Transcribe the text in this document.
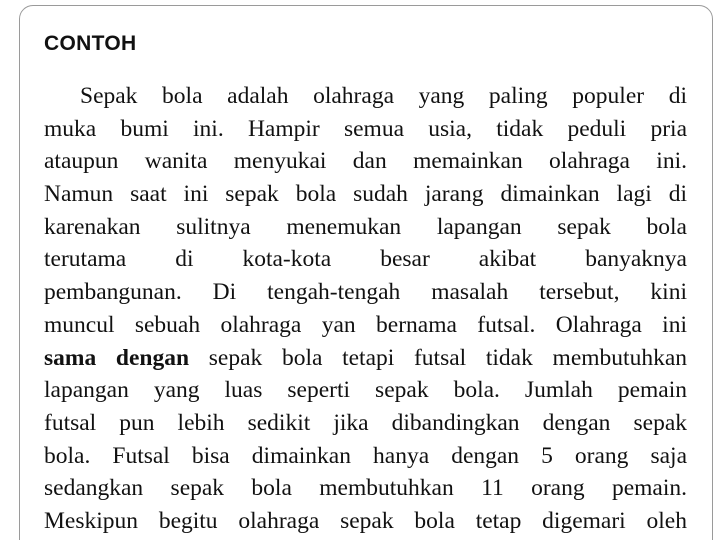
CONTOH
Sepak bola adalah olahraga yang paling populer di
muka bumi ini. Hampir semua usia, tidak peduli pria
ataupun wanita menyukai dan memainkan olahraga ini.
Namun saat ini sepak bola sudah jarang dimainkan lagi di
karenakan sulitnya menemukan lapangan sepak bola
terutama di kota-kota besar akibat banyaknya
pembangunan. Di tengah-tengah masalah tersebut, kini
muncul sebuah olahraga yan bernama futsal. Olahraga ini
sama dengan sepak bola tetapi futsal tidak membutuhkan
lapangan yang luas seperti sepak bola. Jumlah pemain
futsal pun lebih sedikit jika dibandingkan dengan sepak
bola. Futsal bisa dimainkan hanya dengan 5 orang saja
sedangkan sepak bola membutuhkan 11 orang pemain.
Meskipun begitu olahraga sepak bola tetap digemari oleh
